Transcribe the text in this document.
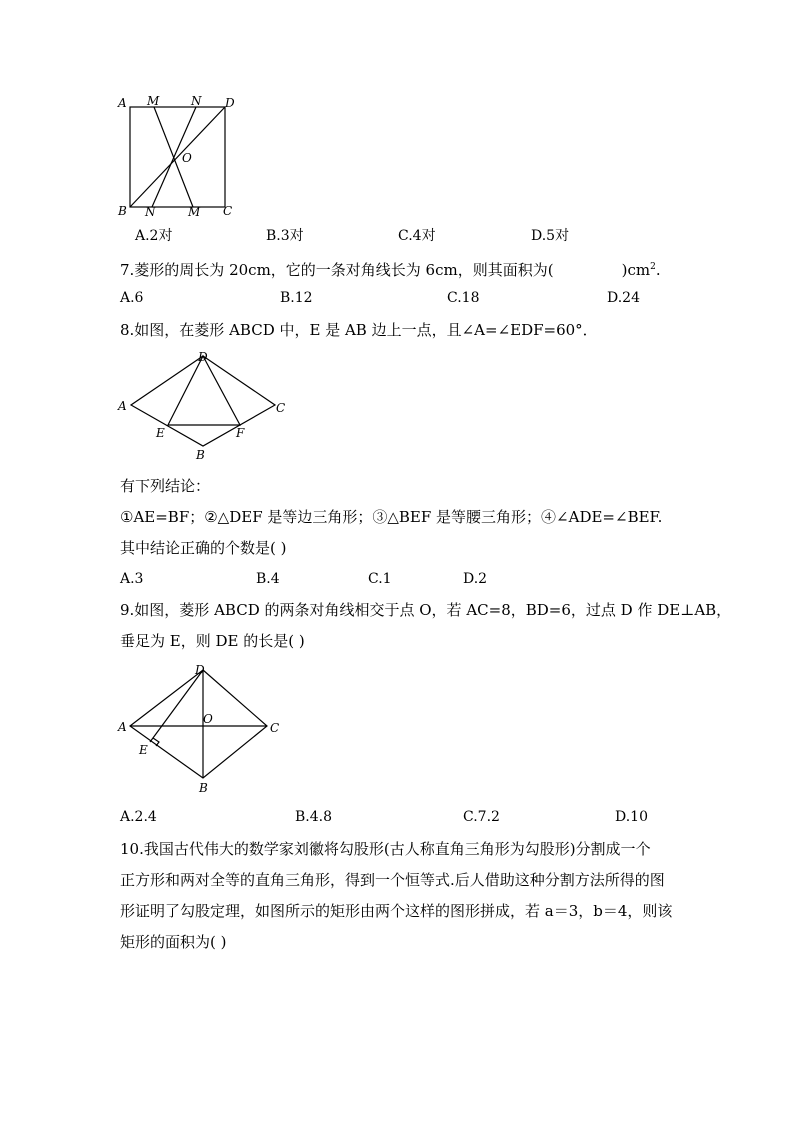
A M	N D
O
B N	M C
A.2对	B.3对	C.4对	D.5对
7.菱形的周长为 20cm，它的一条对角线长为 6cm，则其面积为(	)$cm^2$.
A.6	B.12	C.18	D.24
8.如图，在菱形 ABCD 中，E 是 AB 边上一点，且∠A=∠EDF=60°．
D
A	C
E	F
B
有下列结论：
①AE=BF；②△DEF 是等边三角形；③△BEF 是等腰三角形；④∠ADE=∠BEF.
其中结论正确的个数是( )
A.3	B.4	C.1	D.2
9.如图，菱形 ABCD 的两条对角线相交于点 O，若 AC=8，BD=6，过点 D 作 DE⊥AB，
垂足为 E，则 DE 的长是( )
D
A
O
C
E
B
A.2.4	B.4.8	C.7.2	D.10
10.我国古代伟大的数学家刘徽将勾股形(古人称直角三角形为勾股形)分割成一个
正方形和两对全等的直角三角形，得到一个恒等式.后人借助这种分割方法所得的图
形证明了勾股定理，如图所示的矩形由两个这样的图形拼成，若 a＝3，b＝4，则该
矩形的面积为( )
